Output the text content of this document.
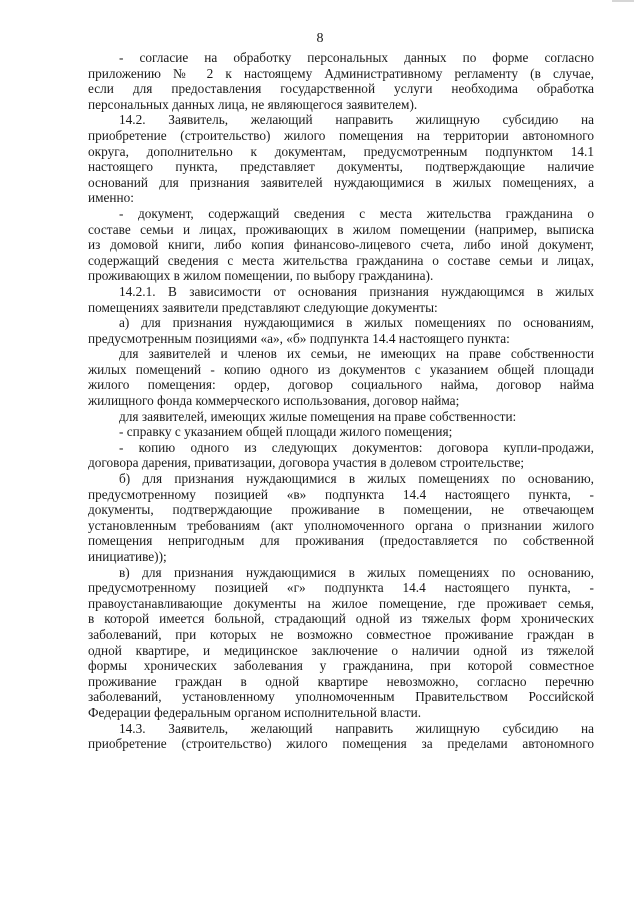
8

- согласие на обработку персональных данных по форме согласно

приложению № 2 к настоящему Административному регламенту (в случае,

если для предоставления государственной услуги необходима обработка

персональных данных лица, не являющегося заявителем).

14.2. Заявитель, желающий направить жилищную субсидию на

приобретение (строительство) жилого помещения на территории автономного

округа, дополнительно к документам, предусмотренным подпунктом 14.1

настоящего пункта, представляет документы, подтверждающие наличие

оснований для признания заявителей нуждающимися в жилых помещениях, а

именно:

- документ, содержащий сведения с места жительства гражданина о

составе семьи и лицах, проживающих в жилом помещении (например, выписка

из домовой книги, либо копия финансово-лицевого счета, либо иной документ,

содержащий сведения с места жительства гражданина о составе семьи и лицах,

проживающих в жилом помещении, по выбору гражданина).

14.2.1. В зависимости от основания признания нуждающимся в жилых

помещениях заявители представляют следующие документы:

а) для признания нуждающимися в жилых помещениях по основаниям,

предусмотренным позициями «а», «б» подпункта 14.4 настоящего пункта:

для заявителей и членов их семьи, не имеющих на праве собственности

жилых помещений - копию одного из документов с указанием общей площади

жилого помещения: ордер, договор социального найма, договор найма

жилищного фонда коммерческого использования, договор найма;

для заявителей, имеющих жилые помещения на праве собственности:

- справку с указанием общей площади жилого помещения;

- копию одного из следующих документов: договора купли-продажи,

договора дарения, приватизации, договора участия в долевом строительстве;

б) для признания нуждающимися в жилых помещениях по основанию,

предусмотренному позицией «в» подпункта 14.4 настоящего пункта, -

документы, подтверждающие проживание в помещении, не отвечающем

установленным требованиям (акт уполномоченного органа о признании жилого

помещения непригодным для проживания (предоставляется по собственной

инициативе));

в) для признания нуждающимися в жилых помещениях по основанию,

предусмотренному позицией «г» подпункта 14.4 настоящего пункта, -

правоустанавливающие документы на жилое помещение, где проживает семья,

в которой имеется больной, страдающий одной из тяжелых форм хронических

заболеваний, при которых не возможно совместное проживание граждан в

одной квартире, и медицинское заключение о наличии одной из тяжелой

формы хронических заболевания у гражданина, при которой совместное

проживание граждан в одной квартире невозможно, согласно перечню

заболеваний, установленному уполномоченным Правительством Российской

Федерации федеральным органом исполнительной власти.

14.3. Заявитель, желающий направить жилищную субсидию на

приобретение (строительство) жилого помещения за пределами автономного
